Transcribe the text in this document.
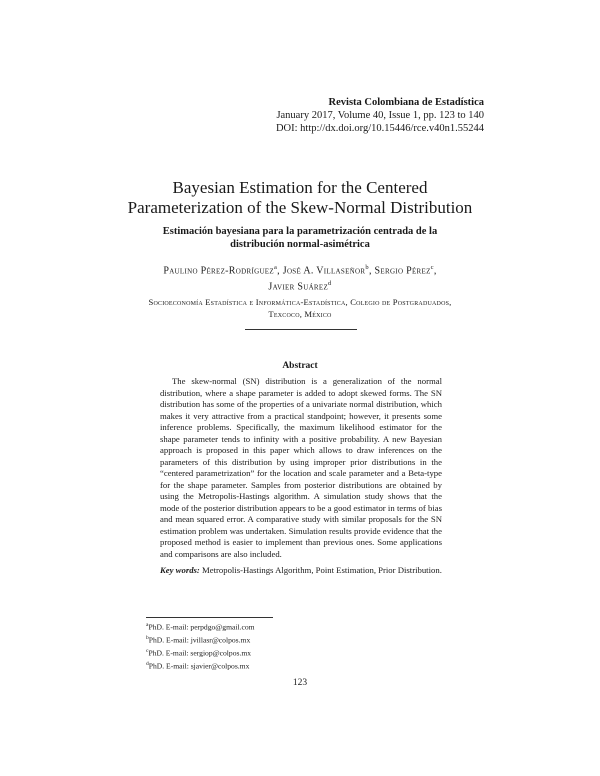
Revista Colombiana de Estadística
January 2017, Volume 40, Issue 1, pp. 123 to 140
DOI: http://dx.doi.org/10.15446/rce.v40n1.55244
Bayesian Estimation for the Centered
Parameterization of the Skew-Normal Distribution
Estimación bayesiana para la parametrización centrada de la
distribución normal-asimétrica
Paulino Pérez-Rodríguez$^a$, José A. Villaseñor$^b$, Sergio Pérez$^c$,
Javier Suárez$^d$
Socioeconomía Estadística e Informática-Estadística, Colegio de Postgraduados,
Texcoco, México
Abstract
The skew-normal (SN) distribution is a generalization of the normal distribution, where a shape parameter is added to adopt skewed forms. The SN distribution has some of the properties of a univariate normal distribution, which makes it very attractive from a practical standpoint; however, it presents some inference problems. Specifically, the maximum likelihood estimator for the shape parameter tends to infinity with a positive probability. A new Bayesian approach is proposed in this paper which allows to draw inferences on the parameters of this distribution by using improper prior distributions in the “centered parametrization” for the location and scale parameter and a Beta-type for the shape parameter. Samples from posterior distributions are obtained by using the Metropolis-Hastings algorithm. A simulation study shows that the mode of the posterior distribution appears to be a good estimator in terms of bias and mean squared error. A comparative study with similar proposals for the SN estimation problem was undertaken. Simulation results provide evidence that the proposed method is easier to implement than previous ones. Some applications and comparisons are also included.
Key words: Metropolis-Hastings Algorithm, Point Estimation, Prior Distribution.
$^a$PhD. E-mail: perpdgo@gmail.com
$^b$PhD. E-mail: jvillasr@colpos.mx
$^c$PhD. E-mail: sergiop@colpos.mx
$^d$PhD. E-mail: sjavier@colpos.mx
123
